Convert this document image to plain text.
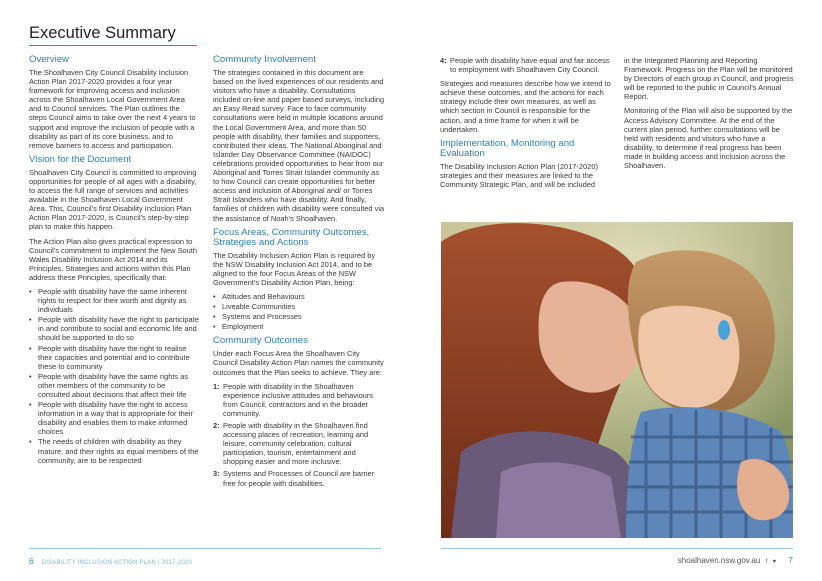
Executive Summary
Overview

The Shoalhaven City Council Disability Inclusion Action Plan 2017-2020 provides a four year framework for improving access and inclusion across the Shoalhaven Local Government Area and to Council services. The Plan outlines the steps Council aims to take over the next 4 years to support and improve the inclusion of people with a disability as part of its core business, and to remove barriers to access and participation.

Vision for the Document

Shoalhaven City Council is committed to improving opportunities for people of all ages with a disability, to access the full range of services and activities available in the Shoalhaven Local Government Area. This, Council's first Disability Inclusion Plan Action Plan 2017-2020, is Council's step-by-step plan to make this happen.

The Action Plan also gives practical expression to Council's commitment to implement the New South Wales Disability Inclusion Act 2014 and its Principles. Strategies and actions within this Plan address these Principles, specifically that:

• People with disability have the same inherent rights to respect for their worth and dignity as individuals
• People with disability have the right to participate in and contribute to social and economic life and should be supported to do so
• People with disability have the right to realise their capacities and potential and to contribute these to community
• People with disability have the same rights as other members of the community to be consulted about decisions that affect their life
• People with disability have the right to access information in a way that is appropriate for their disability and enables them to make informed choices
• The needs of children with disability as they mature, and their rights as equal members of the community, are to be respected
Community Involvement

The strategies contained in this document are based on the lived experiences of our residents and visitors who have a disability. Consultations included on-line and paper based surveys, including an Easy Read survey. Face to face community consultations were held in multiple locations around the Local Government Area, and more than 50 people with disability, their families and supporters, contributed their ideas. The National Aboriginal and Islander Day Observance Committee (NAIDOC) celebrations provided opportunities to hear from our Aboriginal and Torres Strait Islander community as to how Council can create opportunities for better access and inclusion of Aboriginal and/ or Torres Strait Islanders who have disability. And finally, families of children with disability were consulted via the assistance of Noah's Shoalhaven.

Focus Areas, Community Outcomes, Strategies and Actions

The Disability Inclusion Action Plan is required by the NSW Disability Inclusion Act 2014, and to be aligned to the four Focus Areas of the NSW Government's Disability Action Plan, being:

• Attitudes and Behaviours
• Liveable Communities
• Systems and Processes
• Employment
Community Outcomes

Under each Focus Area the Shoalhaven City Council Disability Action Plan names the community outcomes that the Plan seeks to achieve. They are:

1: People with disability in the Shoalhaven experience inclusive attitudes and behaviours from Council, contractors and in the broader community.
2: People with disability in the Shoalhaven find accessing places of recreation, learning and leisure, community celebration, cultural participation, tourism, entertainment and shopping easier and more inclusive.
3: Systems and Processes of Council are barrier free for people with disabilities.
4: People with disability have equal and fair access to employment with Shoalhaven City Council.

Strategies and measures describe how we intend to achieve these outcomes, and the actions for each strategy include their own measures, as well as which section in Council is responsible for the action, and a time frame for when it will be undertaken.

Implementation, Monitoring and Evaluation

The Disability Inclusion Action Plan (2017-2020) strategies and their measures are linked to the Community Strategic Plan, and will be included

in the Integrated Planning and Reporting Framework. Progress on the Plan will be monitored by Directors of each group in Council, and progress will be reported to the public in Council's Annual Report.

Monitoring of the Plan will also be supported by the Access Advisory Committee. At the end of the current plan period, further consultations will be held with residents and visitors who have a disability, to determine if real progress has been made in building access and inclusion across the Shoalhaven.

6 DISABILITY INCLUSION ACTION PLAN | 2017-2020	shoalhaven.nsw.gov.au f ♥ 7
